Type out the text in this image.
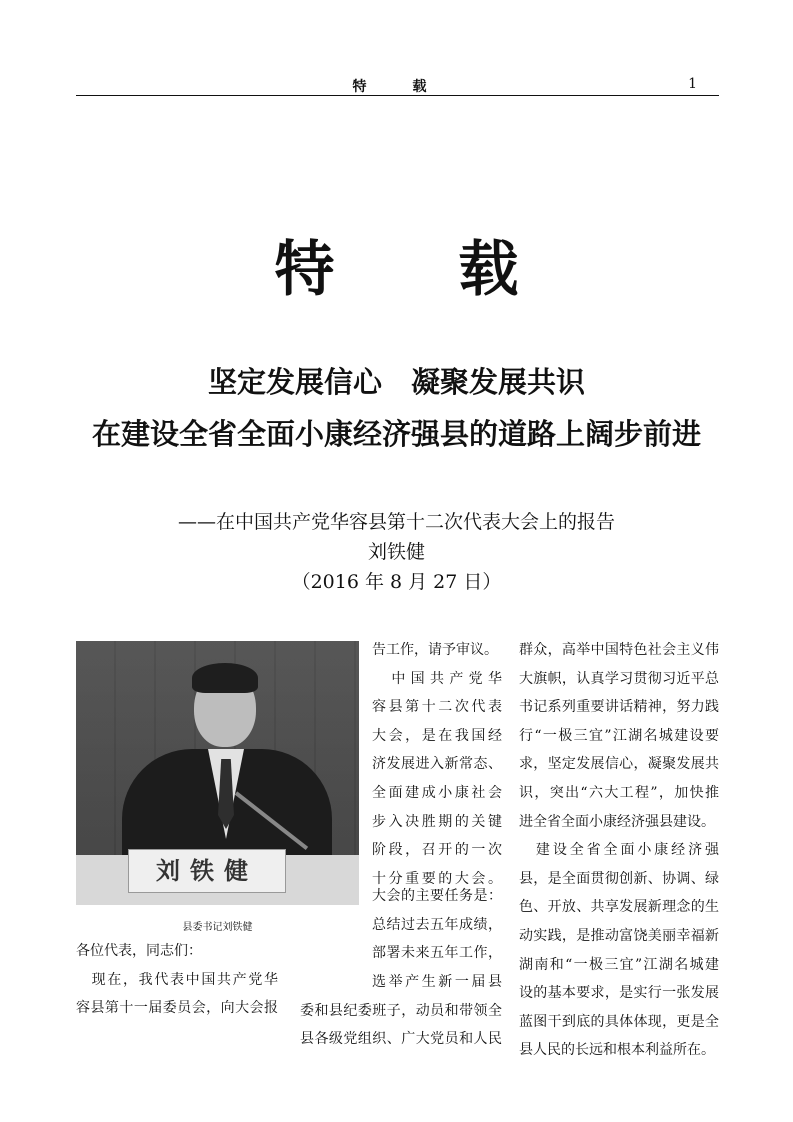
特　载	1
特载
坚定发展信心　凝聚发展共识
在建设全省全面小康经济强县的道路上阔步前进
——在中国共产党华容县第十二次代表大会上的报告
刘铁健
（2016 年 8 月 27 日）
刘铁健
县委书记刘铁健
各位代表，同志们：
　现在，我代表中国共产党华
容县第十一届委员会，向大会报
告工作，请予审议。
　中国共产党华
容县第十二次代表
大会，是在我国经
济发展进入新常态、
全面建成小康社会
步入决胜期的关键
阶段，召开的一次
十分重要的大会。
大会的主要任务是：
总结过去五年成绩，
部署未来五年工作，
选举产生新一届县
委和县纪委班子，动员和带领全
县各级党组织、广大党员和人民
群众，高举中国特色社会主义伟
大旗帜，认真学习贯彻习近平总
书记系列重要讲话精神，努力践
行“一极三宜”江湖名城建设要
求，坚定发展信心，凝聚发展共
识，突出“六大工程”，加快推
进全省全面小康经济强县建设。
　建设全省全面小康经济强
县，是全面贯彻创新、协调、绿
色、开放、共享发展新理念的生
动实践，是推动富饶美丽幸福新
湖南和“一极三宜”江湖名城建
设的基本要求，是实行一张发展
蓝图干到底的具体体现，更是全
县人民的长远和根本利益所在。
